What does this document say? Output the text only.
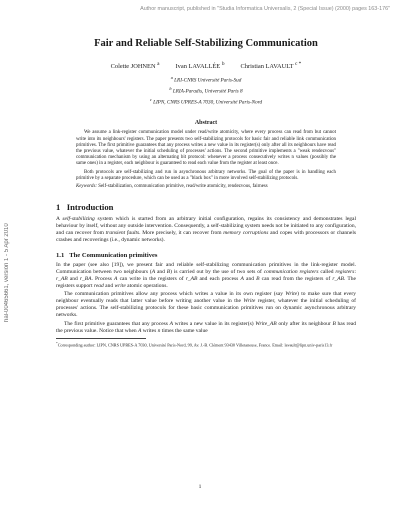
Author manuscript, published in "Studia Informatica Universalis, 2 (Special Issue) (2000) pages 163-176"
hal-00465661, version 1 - 5 Apr 2010
Fair and Reliable Self-Stabilizing Communication
Colette JOHNEN $^a$	Ivan LAVALLÉE $^b$	Christian LAVAULT $^{c *}$
$^a$ LRI-CNRS Université Paris-Sud
$^b$ LRIA-Paradis, Université Paris 8
$^c$ LIPN, CNRS UPRES-A 7030, Université Paris-Nord
Abstract

We assume a link-register communication model under read/write atomicity, where every process can read from but cannot write into its neighbours' registers. The paper presents two self-stabilizing protocols for basic fair and reliable link communication primitives. The first primitive guarantees that any process writes a new value in its register(s) only after all its neighbours have read the previous value, whatever the initial scheduling of processes' actions. The second primitive implements a "weak rendezvous" communication mechanism by using an alternating bit protocol: whenever a process consecutively writes n values (possibly the same ones) in a register, each neighbour is guaranteed to read each value from the register at least once.

Both protocols are self-stabilizing and run in asynchronous arbitrary networks. The goal of the paper is in handling each primitive by a separate procedure, which can be used as a "black box" in more involved self-stabilizing protocols.

Keywords: Self-stabilization, communication primitive, read/write atomicity, rendezvous, fairness
1 Introduction

A self-stabilizing system which is started from an arbitrary initial configuration, regains its consistency and demonstrates legal behaviour by itself, without any outside intervention. Consequently, a self-stabilizing system needs not be initiated to any configuration, and can recover from transient faults. More precisely, it can recover from memory corruptions and copes with processors or channels crashes and recoverings (i.e., dynamic networks).

1.1 The Communication primitives

In the paper (see also [19]), we present fair and reliable self-stabilizing communication primitives in the link-register model. Communication between two neighbours (A and B) is carried out by the use of two sets of communication registers called registers: r_AB and r_BA. Process A can write in the registers of r_AB and each process A and B can read from the registers of r_AB. The registers support read and write atomic operations.

The communication primitives allow any process which writes a value in its own register (say Write) to make sure that every neighbour eventually reads that latter value before writing another value in the Write register, whatever the initial scheduling of processes' actions. The self-stabilizing protocols for these basic communication primitives run on dynamic asynchronous arbitrary networks.

The first primitive guarantees that any process A writes a new value in its register(s) Write_AB only after its neighbour B has read the previous value. Notice that when A writes n times the same value

*Corresponding author: LIPN, CNRS UPRES-A 7030, Université Paris-Nord, 99, Av. J.-B. Clément 93430 Villetaneuse, France. Email: lavault@lipn.univ-paris13.fr
1
